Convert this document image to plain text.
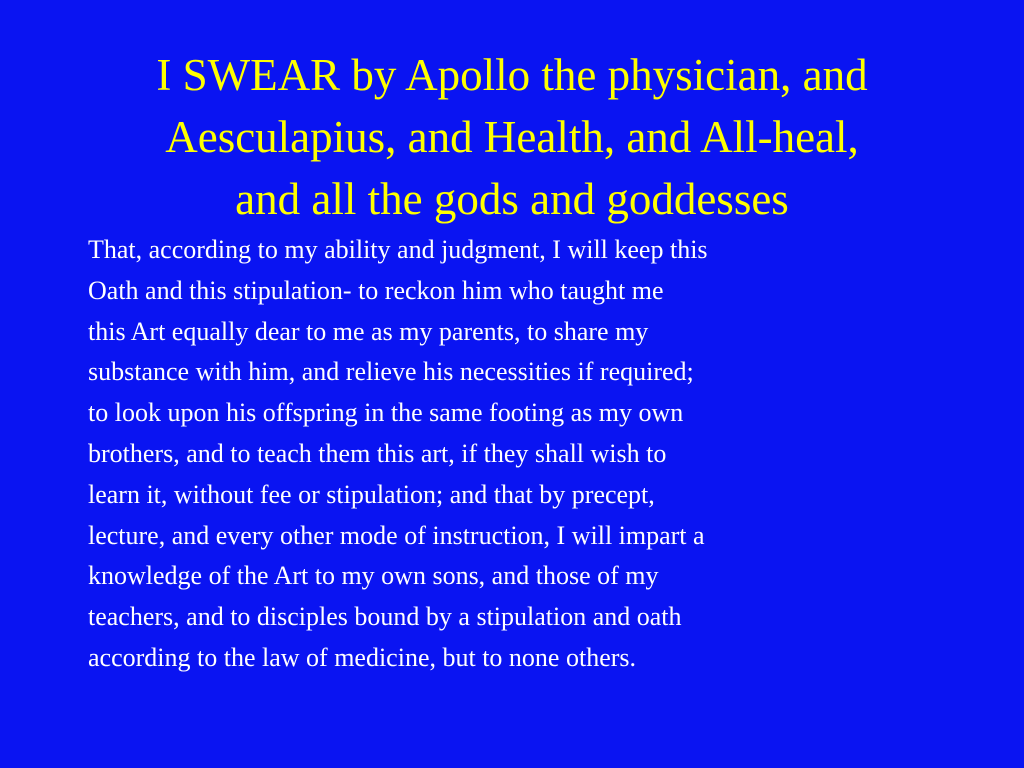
I SWEAR by Apollo the physician, and
Aesculapius, and Health, and All-heal,
and all the gods and goddesses
That, according to my ability and judgment, I will keep this
Oath and this stipulation- to reckon him who taught me
this Art equally dear to me as my parents, to share my
substance with him, and relieve his necessities if required;
to look upon his offspring in the same footing as my own
brothers, and to teach them this art, if they shall wish to
learn it, without fee or stipulation; and that by precept,
lecture, and every other mode of instruction, I will impart a
knowledge of the Art to my own sons, and those of my
teachers, and to disciples bound by a stipulation and oath
according to the law of medicine, but to none others.
